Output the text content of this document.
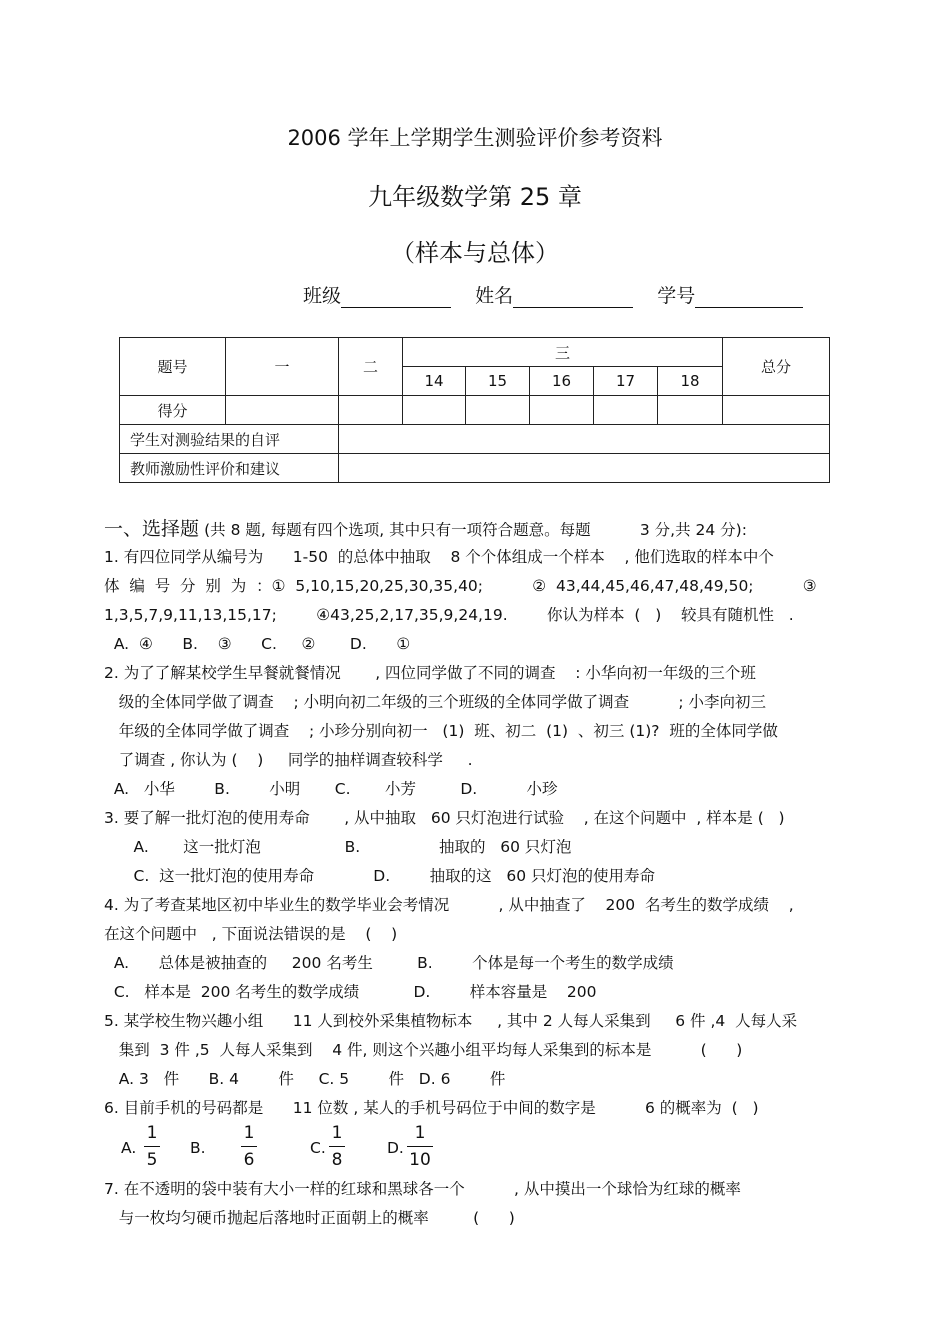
2006 学年上学期学生测验评价参考资料
九年级数学第 25 章
（样本与总体）
班级	姓名	学号
题号	一	二	三					总分
			14	15	16	17	18	
得分								
学生对测验结果的自评								
教师激励性评价和建议								
一、选择题 (共 8 题, 每题有四个选项, 其中只有一项符合题意。每题          3 分,共 24 分):
1. 有四位同学从编号为      1-50  的总体中抽取    8 个个体组成一个样本    , 他们选取的样本中个
体  编  号  分  别  为  ：①  5,10,15,20,25,30,35,40;          ②  43,44,45,46,47,48,49,50;          ③
1,3,5,7,9,11,13,15,17;        ④43,25,2,17,35,9,24,19.        你认为样本  (   )    较具有随机性   .
A.  ④      B.    ③      C.     ②       D.      ①
2. 为了了解某校学生早餐就餐情况       , 四位同学做了不同的调查    : 小华向初一年级的三个班
级的全体同学做了调查    ; 小明向初二年级的三个班级的全体同学做了调查          ; 小李向初三
年级的全体同学做了调查    ; 小珍分别向初一   (1)  班、初二  (1)  、初三 (1)?  班的全体同学做
了调查 , 你认为 (    )     同学的抽样调查较科学     .
A.   小华        B.        小明       C.       小芳         D.          小珍
3. 要了解一批灯泡的使用寿命       , 从中抽取   60 只灯泡进行试验    , 在这个问题中  , 样本是 (   )
A.       这一批灯泡                 B.                抽取的   60 只灯泡
C.  这一批灯泡的使用寿命            D.        抽取的这   60 只灯泡的使用寿命
4. 为了考查某地区初中毕业生的数学毕业会考情况          , 从中抽查了    200  名考生的数学成绩    ,
在这个问题中   , 下面说法错误的是    (    )
A.      总体是被抽查的     200 名考生         B.        个体是每一个考生的数学成绩
C.   样本是  200 名考生的数学成绩           D.        样本容量是    200
5. 某学校生物兴趣小组      11 人到校外采集植物标本     , 其中 2 人每人采集到     6 件 ,4  人每人采
集到  3 件 ,5  人每人采集到    4 件, 则这个兴趣小组平均每人采集到的标本是          (      )
A. 3   件      B. 4        件     C. 5        件   D. 6        件
6. 目前手机的号码都是      11 位数 , 某人的手机号码位于中间的数字是          6 的概率为  (   )
A.
1
5
B.
1
6
C.
1
8
D.
1
10
7. 在不透明的袋中装有大小一样的红球和黑球各一个          , 从中摸出一个球恰为红球的概率
与一枚均匀硬币抛起后落地时正面朝上的概率         (      )
